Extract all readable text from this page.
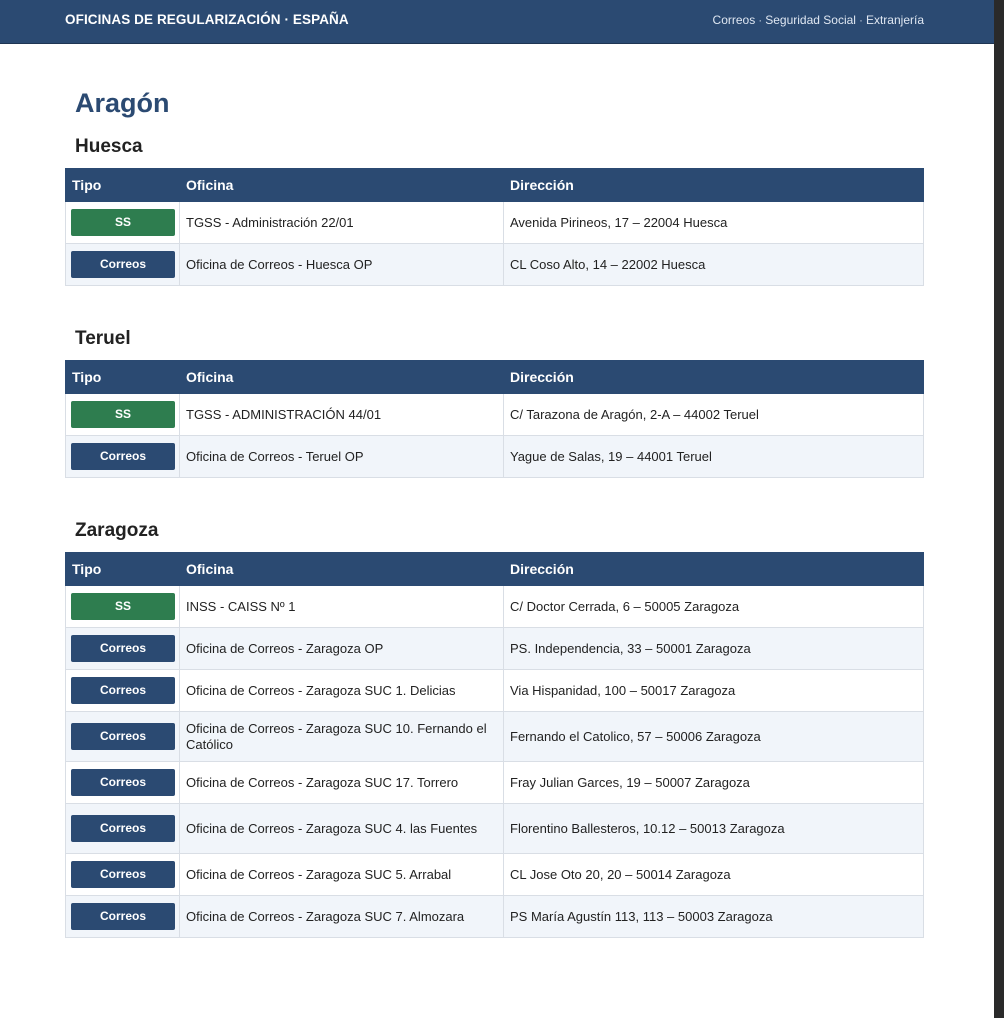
OFICINAS DE REGULARIZACIÓN · ESPAÑA	Correos · Seguridad Social · Extranjería
Aragón
Huesca
Tipo	Oficina	Dirección

SS	TGSS - Administración 22/01	Avenida Pirineos, 17 – 22004 Huesca

Correos	Oficina de Correos - Huesca OP	CL Coso Alto, 14 – 22002 Huesca
Teruel
Tipo	Oficina	Dirección

SS	TGSS - ADMINISTRACIÓN 44/01	C/ Tarazona de Aragón, 2-A – 44002 Teruel

Correos	Oficina de Correos - Teruel OP	Yague de Salas, 19 – 44001 Teruel
Zaragoza
Tipo	Oficina	Dirección

SS	INSS - CAISS Nº 1	C/ Doctor Cerrada, 6 – 50005 Zaragoza

Correos	Oficina de Correos - Zaragoza OP	PS. Independencia, 33 – 50001 Zaragoza

Correos	Oficina de Correos - Zaragoza SUC 1. Delicias	Via Hispanidad, 100 – 50017 Zaragoza

Correos	Oficina de Correos - Zaragoza SUC 10. Fernando el Católico	Fernando el Catolico, 57 – 50006 Zaragoza

Correos	Oficina de Correos - Zaragoza SUC 17. Torrero	Fray Julian Garces, 19 – 50007 Zaragoza

Correos	Oficina de Correos - Zaragoza SUC 4. las Fuentes	Florentino Ballesteros, 10.12 – 50013 Zaragoza

Correos	Oficina de Correos - Zaragoza SUC 5. Arrabal	CL Jose Oto 20, 20 – 50014 Zaragoza

Correos	Oficina de Correos - Zaragoza SUC 7. Almozara	PS María Agustín 113, 113 – 50003 Zaragoza
